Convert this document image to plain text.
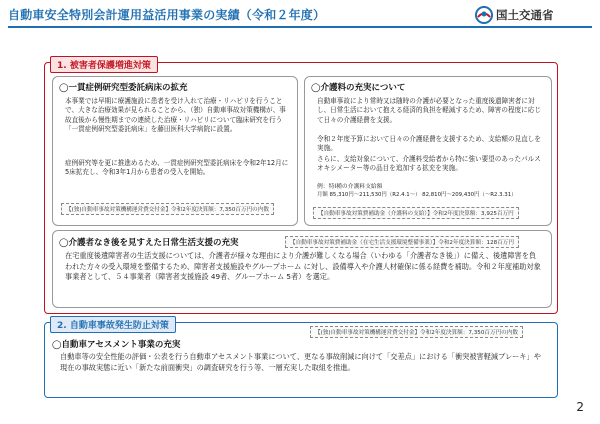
自動車安全特別会計運用益活用事業の実績（令和２年度）	国土交通省
1. 被害者保護増進対策
◯一貫症例研究型委託病床の拡充
本事業では早期に療護施設に患者を受け入れて治療・リハビリを行うことで、大きな治療効果が見られることから、（独）自動車事故対策機構が、事故直後から慢性期までの連続した治療・リハビリについて臨床研究を行う「一貫症例研究型委託病床」を藤田医科大学病院に設置。
症例研究等を更に推進めるため、一貫症例研究型委託病床を令和2年12月に5床拡充し、令和3年1月から患者の受入を開始。
【(独)自動車事故対策機構運営費交付金】令和2年度決算額：7,350百万円の内数
◯介護料の充実について
自動車事故により常時又は随時の介護が必要となった重度後遺障害者に対し、日常生活において抱える経済的負担を軽減するため、障害の程度に応じて日々の介護経費を支援。
令和２年度予算において日々の介護経費を支援するため、支給額の見直しを実施。
さらに、支給対象について、介護料受給者から特に強い要望のあったパルスオキシメーター等の品目を追加する拡充を実施。
例：特Ⅰ種の介護料支給額
月額 85,310円〜211,530円（R2.4.1〜） 82,810円〜209,430円（〜R2.3.31）
【自動車事故対策費補助金（介護料の支給）】令和2年度決算額：3,925百万円
◯介護者なき後を見すえた日常生活支援の充実	【自動車事故対策費補助金（在宅生活支援環境整備事業）】令和2年度決算額：128百万円
在宅重度後遺障害者の生活支援については、介護者が様々な理由により介護が難しくなる場合（いわゆる「介護者なき後」）に備え、後遺障害を負われた方々の受入環境を整備するため、障害者支援施設やグループホーム に対し、設備導入や介護人材確保に係る経費を補助。令和２年度補助対象事業者として、５４事業者（障害者支援施設 49者、グループホーム 5者）を選定。
2. 自動車事故発生防止対策
【(独)自動車事故対策機構運営費交付金】令和2年度決算額：7,350百万円の内数
◯自動車アセスメント事業の充実
自動車等の安全性能の評価・公表を行う自動車アセスメント事業について、更なる事故削減に向けて「交差点」における「衝突被害軽減ブレーキ」や現在の事故実態に近い「新たな前面衝突」の調査研究を行う等、一層充実した取組を推進。
2
